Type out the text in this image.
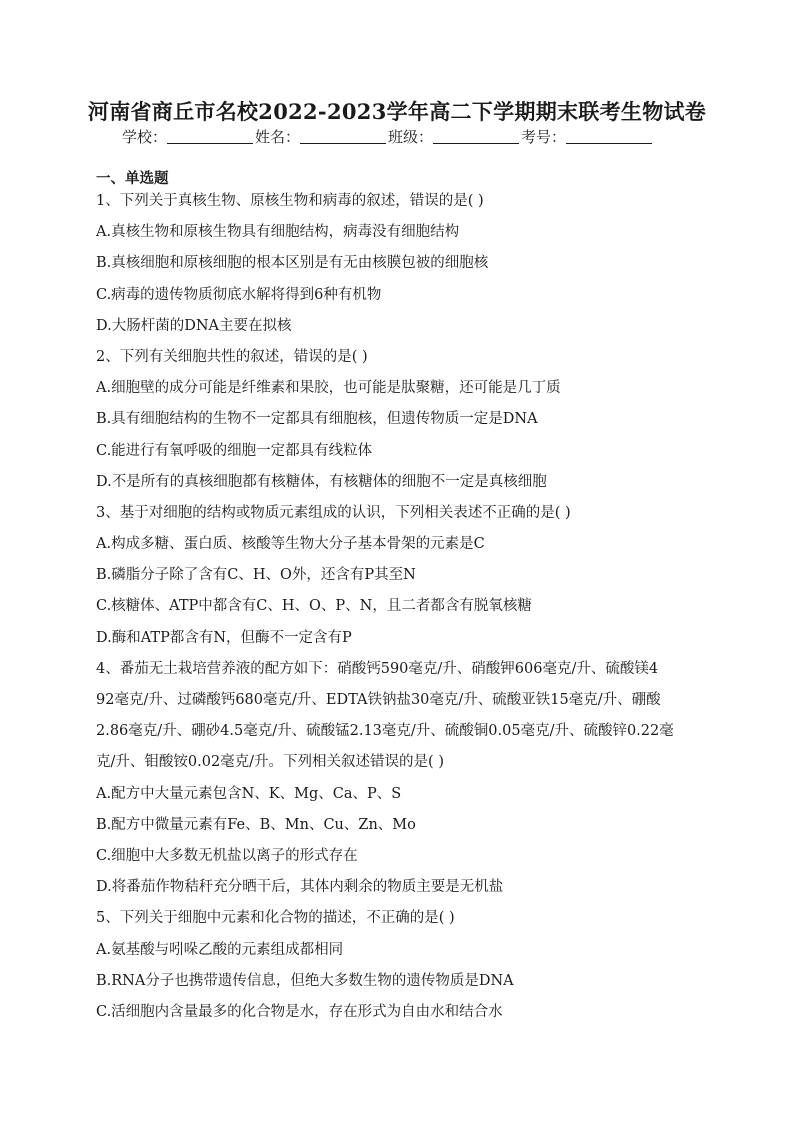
河南省商丘市名校2022-2023学年高二下学期期末联考生物试卷
学校：	姓名：	班级：	考号：
一、单选题
1、下列关于真核生物、原核生物和病毒的叙述，错误的是( )
A.真核生物和原核生物具有细胞结构，病毒没有细胞结构
B.真核细胞和原核细胞的根本区别是有无由核膜包被的细胞核
C.病毒的遗传物质彻底水解将得到6种有机物
D.大肠杆菌的DNA主要在拟核
2、下列有关细胞共性的叙述，错误的是( )
A.细胞壁的成分可能是纤维素和果胶，也可能是肽聚糖，还可能是几丁质
B.具有细胞结构的生物不一定都具有细胞核，但遗传物质一定是DNA
C.能进行有氧呼吸的细胞一定都具有线粒体
D.不是所有的真核细胞都有核糖体，有核糖体的细胞不一定是真核细胞
3、基于对细胞的结构或物质元素组成的认识，下列相关表述不正确的是( )
A.构成多糖、蛋白质、核酸等生物大分子基本骨架的元素是C
B.磷脂分子除了含有C、H、O外，还含有P其至N
C.核糖体、ATP中都含有C、H、O、P、N，且二者都含有脱氧核糖
D.酶和ATP都含有N，但酶不一定含有P
4、番茄无土栽培营养液的配方如下：硝酸钙590毫克/升、硝酸钾606毫克/升、硫酸镁4
92毫克/升、过磷酸钙680毫克/升、EDTA铁钠盐30毫克/升、硫酸亚铁15毫克/升、硼酸
2.86毫克/升、硼砂4.5毫克/升、硫酸锰2.13毫克/升、硫酸铜0.05毫克/升、硫酸锌0.22毫
克/升、钼酸铵0.02毫克/升。下列相关叙述错误的是( )
A.配方中大量元素包含N、K、Mg、Ca、P、S
B.配方中微量元素有Fe、B、Mn、Cu、Zn、Mo
C.细胞中大多数无机盐以离子的形式存在
D.将番茄作物秸秆充分晒干后，其体内剩余的物质主要是无机盐
5、下列关于细胞中元素和化合物的描述，不正确的是( )
A.氨基酸与吲哚乙酸的元素组成都相同
B.RNA分子也携带遗传信息，但绝大多数生物的遗传物质是DNA
C.活细胞内含量最多的化合物是水，存在形式为自由水和结合水
